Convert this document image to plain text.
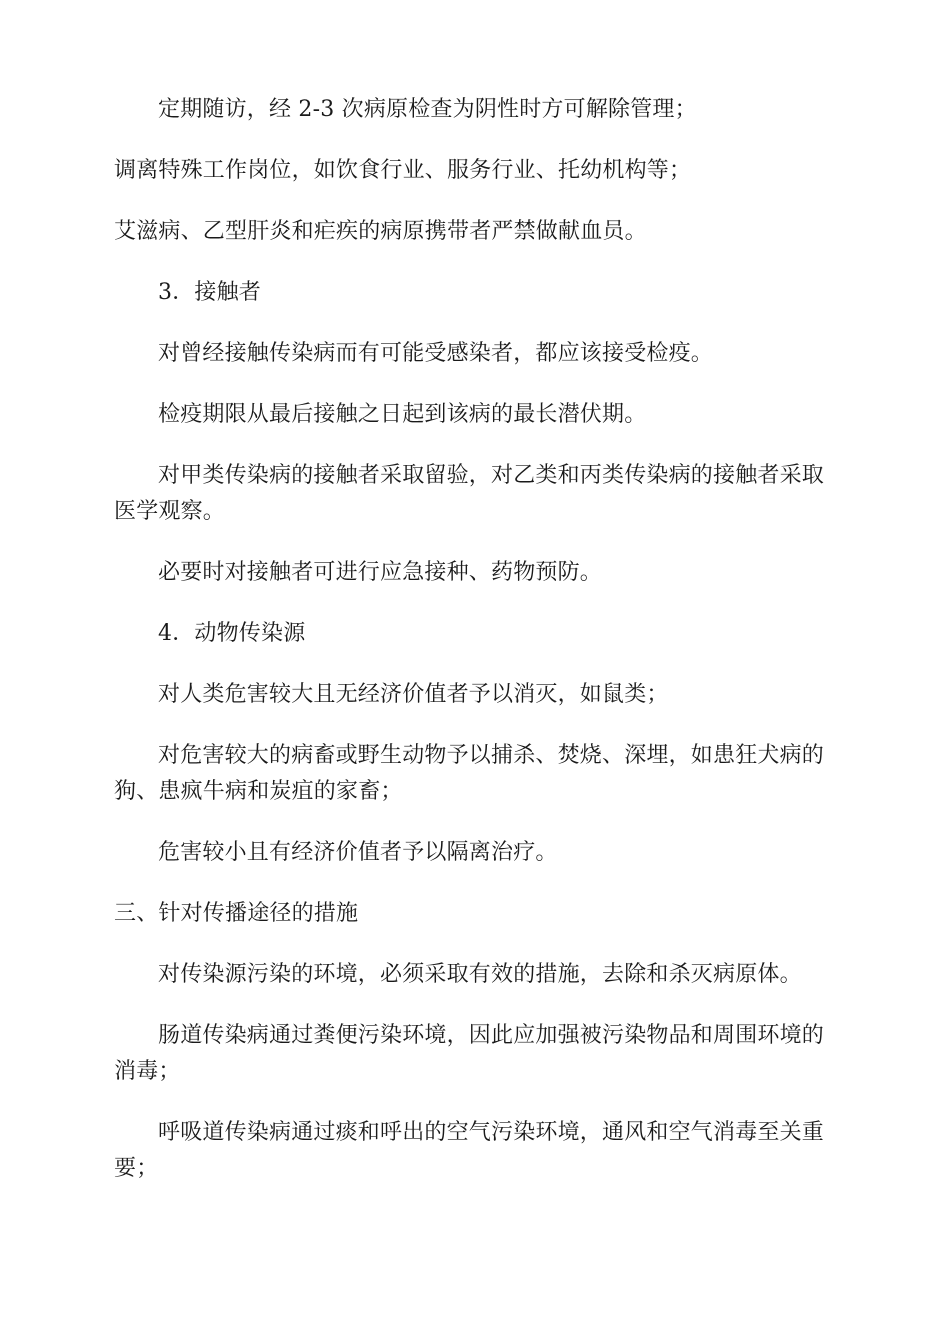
定期随访，经 2-3 次病原检查为阴性时方可解除管理；

调离特殊工作岗位，如饮食行业、服务行业、托幼机构等；

艾滋病、乙型肝炎和疟疾的病原携带者严禁做献血员。

3．接触者

对曾经接触传染病而有可能受感染者，都应该接受检疫。

检疫期限从最后接触之日起到该病的最长潜伏期。

对甲类传染病的接触者采取留验，对乙类和丙类传染病的接触者采取医学观察。

必要时对接触者可进行应急接种、药物预防。

4．动物传染源

对人类危害较大且无经济价值者予以消灭，如鼠类；

对危害较大的病畜或野生动物予以捕杀、焚烧、深埋，如患狂犬病的狗、患疯牛病和炭疽的家畜；

危害较小且有经济价值者予以隔离治疗。

三、针对传播途径的措施

对传染源污染的环境，必须采取有效的措施，去除和杀灭病原体。

肠道传染病通过粪便污染环境，因此应加强被污染物品和周围环境的消毒；

呼吸道传染病通过痰和呼出的空气污染环境，通风和空气消毒至关重要；
